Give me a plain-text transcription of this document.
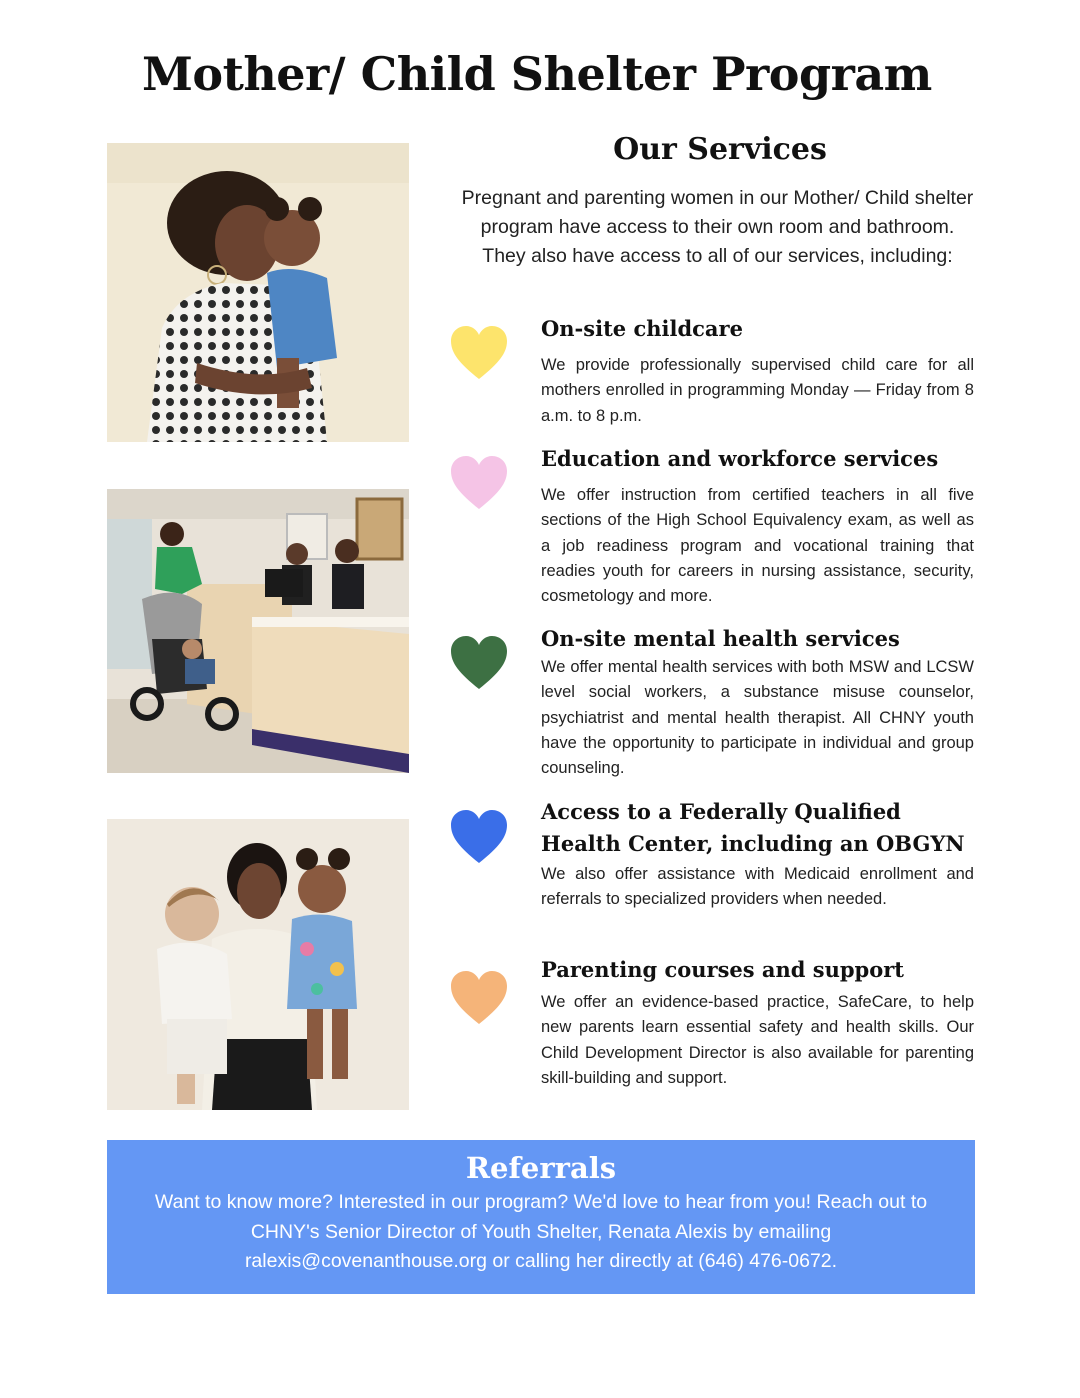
Mother/ Child Shelter Program
Our Services

Pregnant and parenting women in our Mother/ Child shelter program have access to their own room and bathroom. They also have access to all of our services, including:

On-site childcare

We provide professionally supervised child care for all mothers enrolled in programming Monday — Friday from 8 a.m. to 8 p.m.

Education and workforce services

We offer instruction from certified teachers in all five sections of the High School Equivalency exam, as well as a job readiness program and vocational training that readies youth for careers in nursing assistance, security, cosmetology and more.

On-site mental health services

We offer mental health services with both MSW and LCSW level social workers, a substance misuse counselor, psychiatrist and mental health therapist. All CHNY youth have the opportunity to participate in individual and group counseling.

Access to a Federally Qualified Health Center, including an OBGYN

We also offer assistance with Medicaid enrollment and referrals to specialized providers when needed.

Parenting courses and support

We offer an evidence-based practice, SafeCare, to help new parents learn essential safety and health skills. Our Child Development Director is also available for parenting skill-building and support.

Referrals

Want to know more? Interested in our program? We'd love to hear from you! Reach out to CHNY's Senior Director of Youth Shelter, Renata Alexis by emailing ralexis@covenanthouse.org or calling her directly at (646) 476-0672.
